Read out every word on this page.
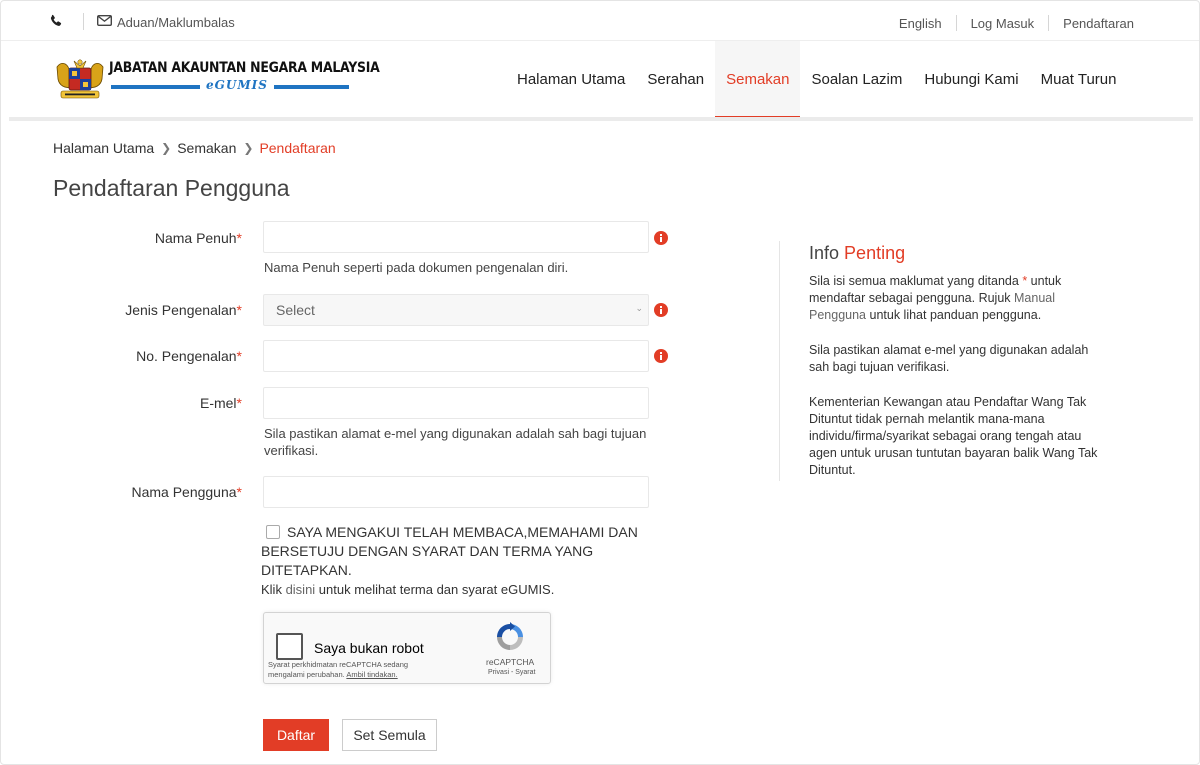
Aduan/Maklumbalas	English Log Masuk Pendaftaran
JABATAN AKAUNTAN NEGARA MALAYSIA
eGUMIS	Halaman Utama	Serahan	Semakan	Soalan Lazim	Hubungi Kami	Muat Turun
Halaman Utama ❯ Semakan ❯ Pendaftaran
Pendaftaran Pengguna
Nama Penuh*
Nama Penuh seperti pada dokumen pengenalan diri.
Jenis Pengenalan* Select	⌄
No. Pengenalan*
E-mel*
Sila pastikan alamat e-mel yang digunakan adalah sah bagi tujuan
verifikasi.
Nama Pengguna*
SAYA MENGAKUI TELAH MEMBACA,MEMAHAMI DAN BERSETUJU DENGAN SYARAT DAN TERMA YANG DITETAPKAN.
Klik disini untuk melihat terma dan syarat eGUMIS.
Saya bukan robot
Syarat perkhidmatan reCAPTCHA sedang
mengalami perubahan. Ambil tindakan.
reCAPTCHA
Privasi - Syarat
Daftar	Set Semula
Info Penting

Sila isi semua maklumat yang ditanda * untuk mendaftar sebagai pengguna. Rujuk Manual Pengguna untuk lihat panduan pengguna.

Sila pastikan alamat e-mel yang digunakan adalah sah bagi tujuan verifikasi.

Kementerian Kewangan atau Pendaftar Wang Tak Dituntut tidak pernah melantik mana-mana individu/firma/syarikat sebagai orang tengah atau agen untuk urusan tuntutan bayaran balik Wang Tak Dituntut.
